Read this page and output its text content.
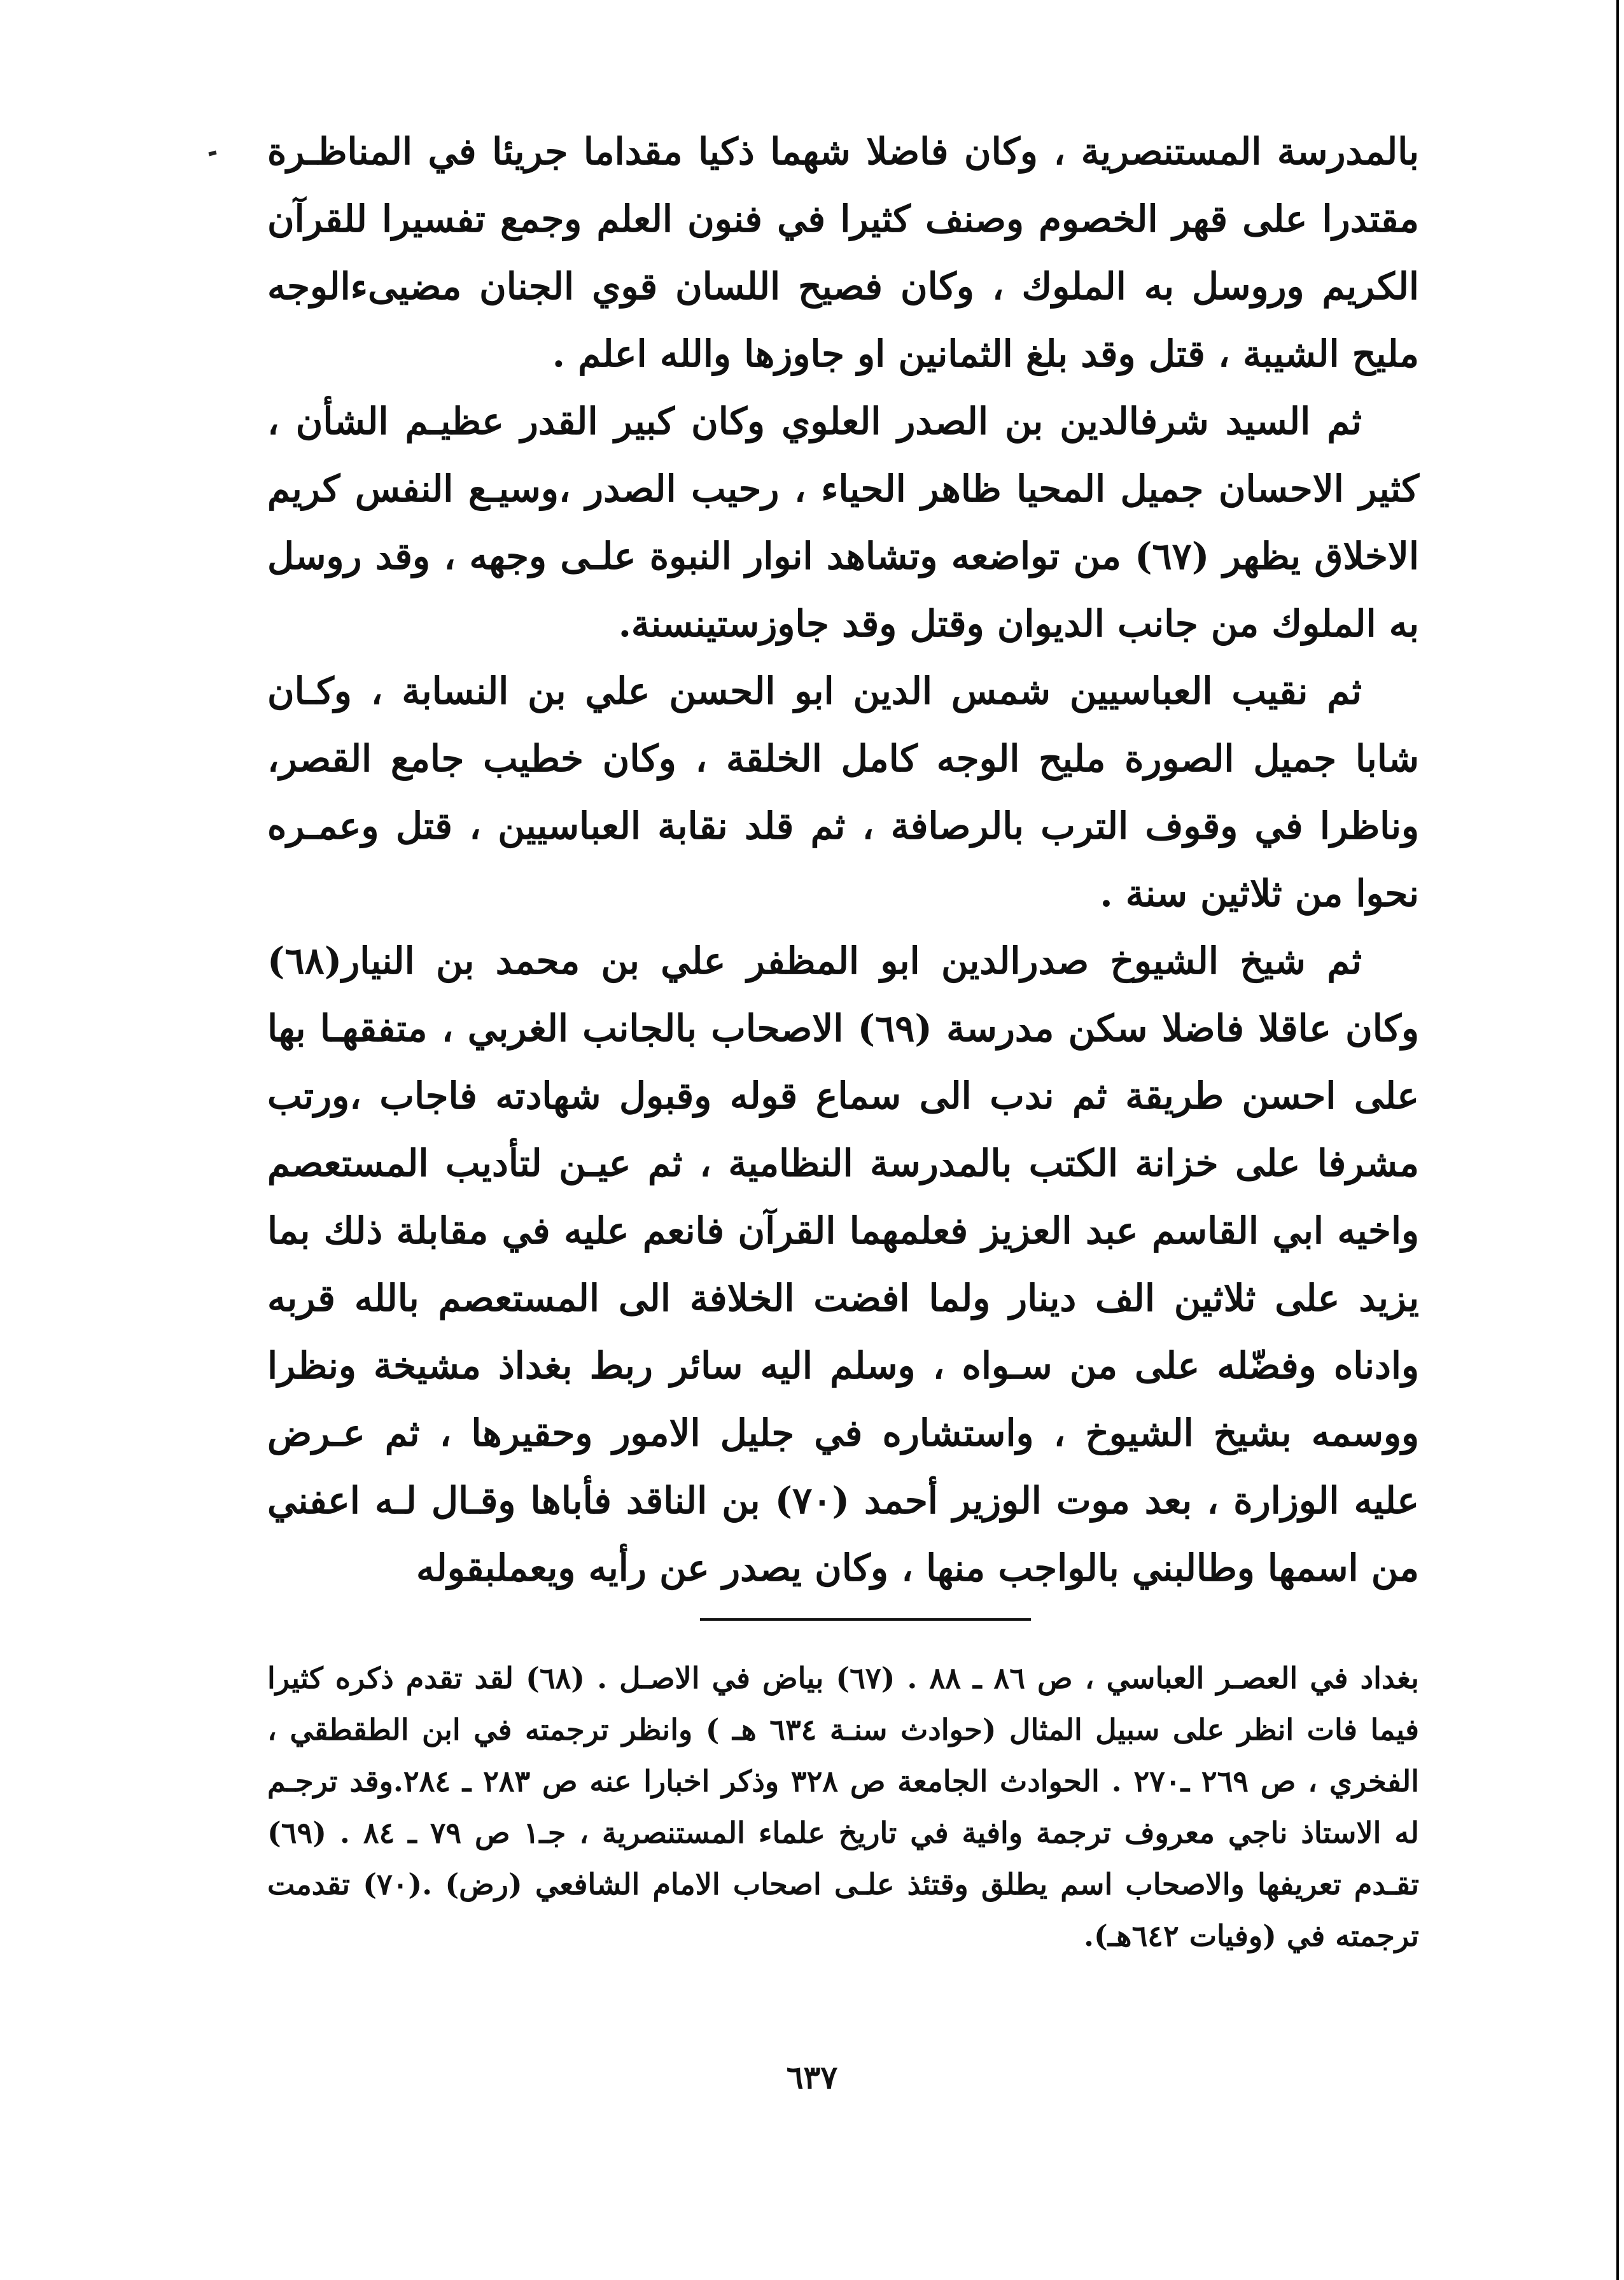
بالمدرسة المستنصرية ، وكان فاضلا شهما ذكيا مقداما جريئا في المناظـرة مقتدرا على قهر الخصوم وصنف كثيرا في فنون العلم وجمع تفسيرا للقرآن الكريم وروسل به الملوك ، وكان فصيح اللسان قوي الجنان مضيىءالوجه مليح الشيبة ، قتل وقد بلغ الثمانين او جاوزها والله اعلم .

ثم السيد شرفالدين بن الصدر العلوي وكان كبير القدر عظيـم الشأن ، كثير الاحسان جميل المحيا ظاهر الحياء ، رحيب الصدر ،وسيـع النفس كريم الاخلاق يظهر (٦٧) من تواضعه وتشاهد انوار النبوة علـى وجهه ، وقد روسل به الملوك من جانب الديوان وقتل وقد جاوزستينسنة.

ثم نقيب العباسيين شمس الدين ابو الحسن علي بن النسابة ، وكـان شابا جميل الصورة مليح الوجه كامل الخلقة ، وكان خطيب جامع القصر، وناظرا في وقوف الترب بالرصافة ، ثم قلد نقابة العباسيين ، قتل وعمـره نحوا من ثلاثين سنة .

ثم شيخ الشيوخ صدرالدين ابو المظفر علي بن محمد بن النيار(٦٨) وكان عاقلا فاضلا سكن مدرسة (٦٩) الاصحاب بالجانب الغربي ، متفقهـا بها على احسن طريقة ثم ندب الى سماع قوله وقبول شهادته فاجاب ،ورتب مشرفا على خزانة الكتب بالمدرسة النظامية ، ثم عيـن لتأديب المستعصم واخيه ابي القاسم عبد العزيز فعلمهما القرآن فانعم عليه في مقابلة ذلك بما يزيد على ثلاثين الف دينار ولما افضت الخلافة الى المستعصم بالله قربه وادناه وفضّله على من سـواه ، وسلم اليه سائر ربط بغداذ مشيخة ونظرا ووسمه بشيخ الشيوخ ، واستشاره في جليل الامور وحقيرها ، ثم عـرض عليه الوزارة ، بعد موت الوزير أحمد (٧٠) بن الناقد فأباها وقـال لـه اعفني من اسمها وطالبني بالواجب منها ، وكان يصدر عن رأيه ويعملبقوله

بغداد في العصـر العباسي ، ص ٨٦ ـ ٨٨ . (٦٧) بياض في الاصـل . (٦٨) لقد تقدم ذكره كثيرا فيما فات انظر على سبيل المثال (حوادث سنـة ٦٣٤ هـ ) وانظر ترجمته في ابن الطقطقي ، الفخري ، ص ٢٦٩ ـ٢٧٠ . الحوادث الجامعة ص ٣٢٨ وذكر اخبارا عنه ص ٢٨٣ ـ ٢٨٤.وقد ترجـم له الاستاذ ناجي معروف ترجمة وافية في تاريخ علماء المستنصرية ، جـ١ ص ٧٩ ـ ٨٤ . (٦٩) تقـدم تعريفها والاصحاب اسم يطلق وقتئذ علـى اصحاب الامام الشافعي (رض) .(٧٠) تقدمت ترجمته في (وفيات ٦٤٢هـ).

٦٣٧
